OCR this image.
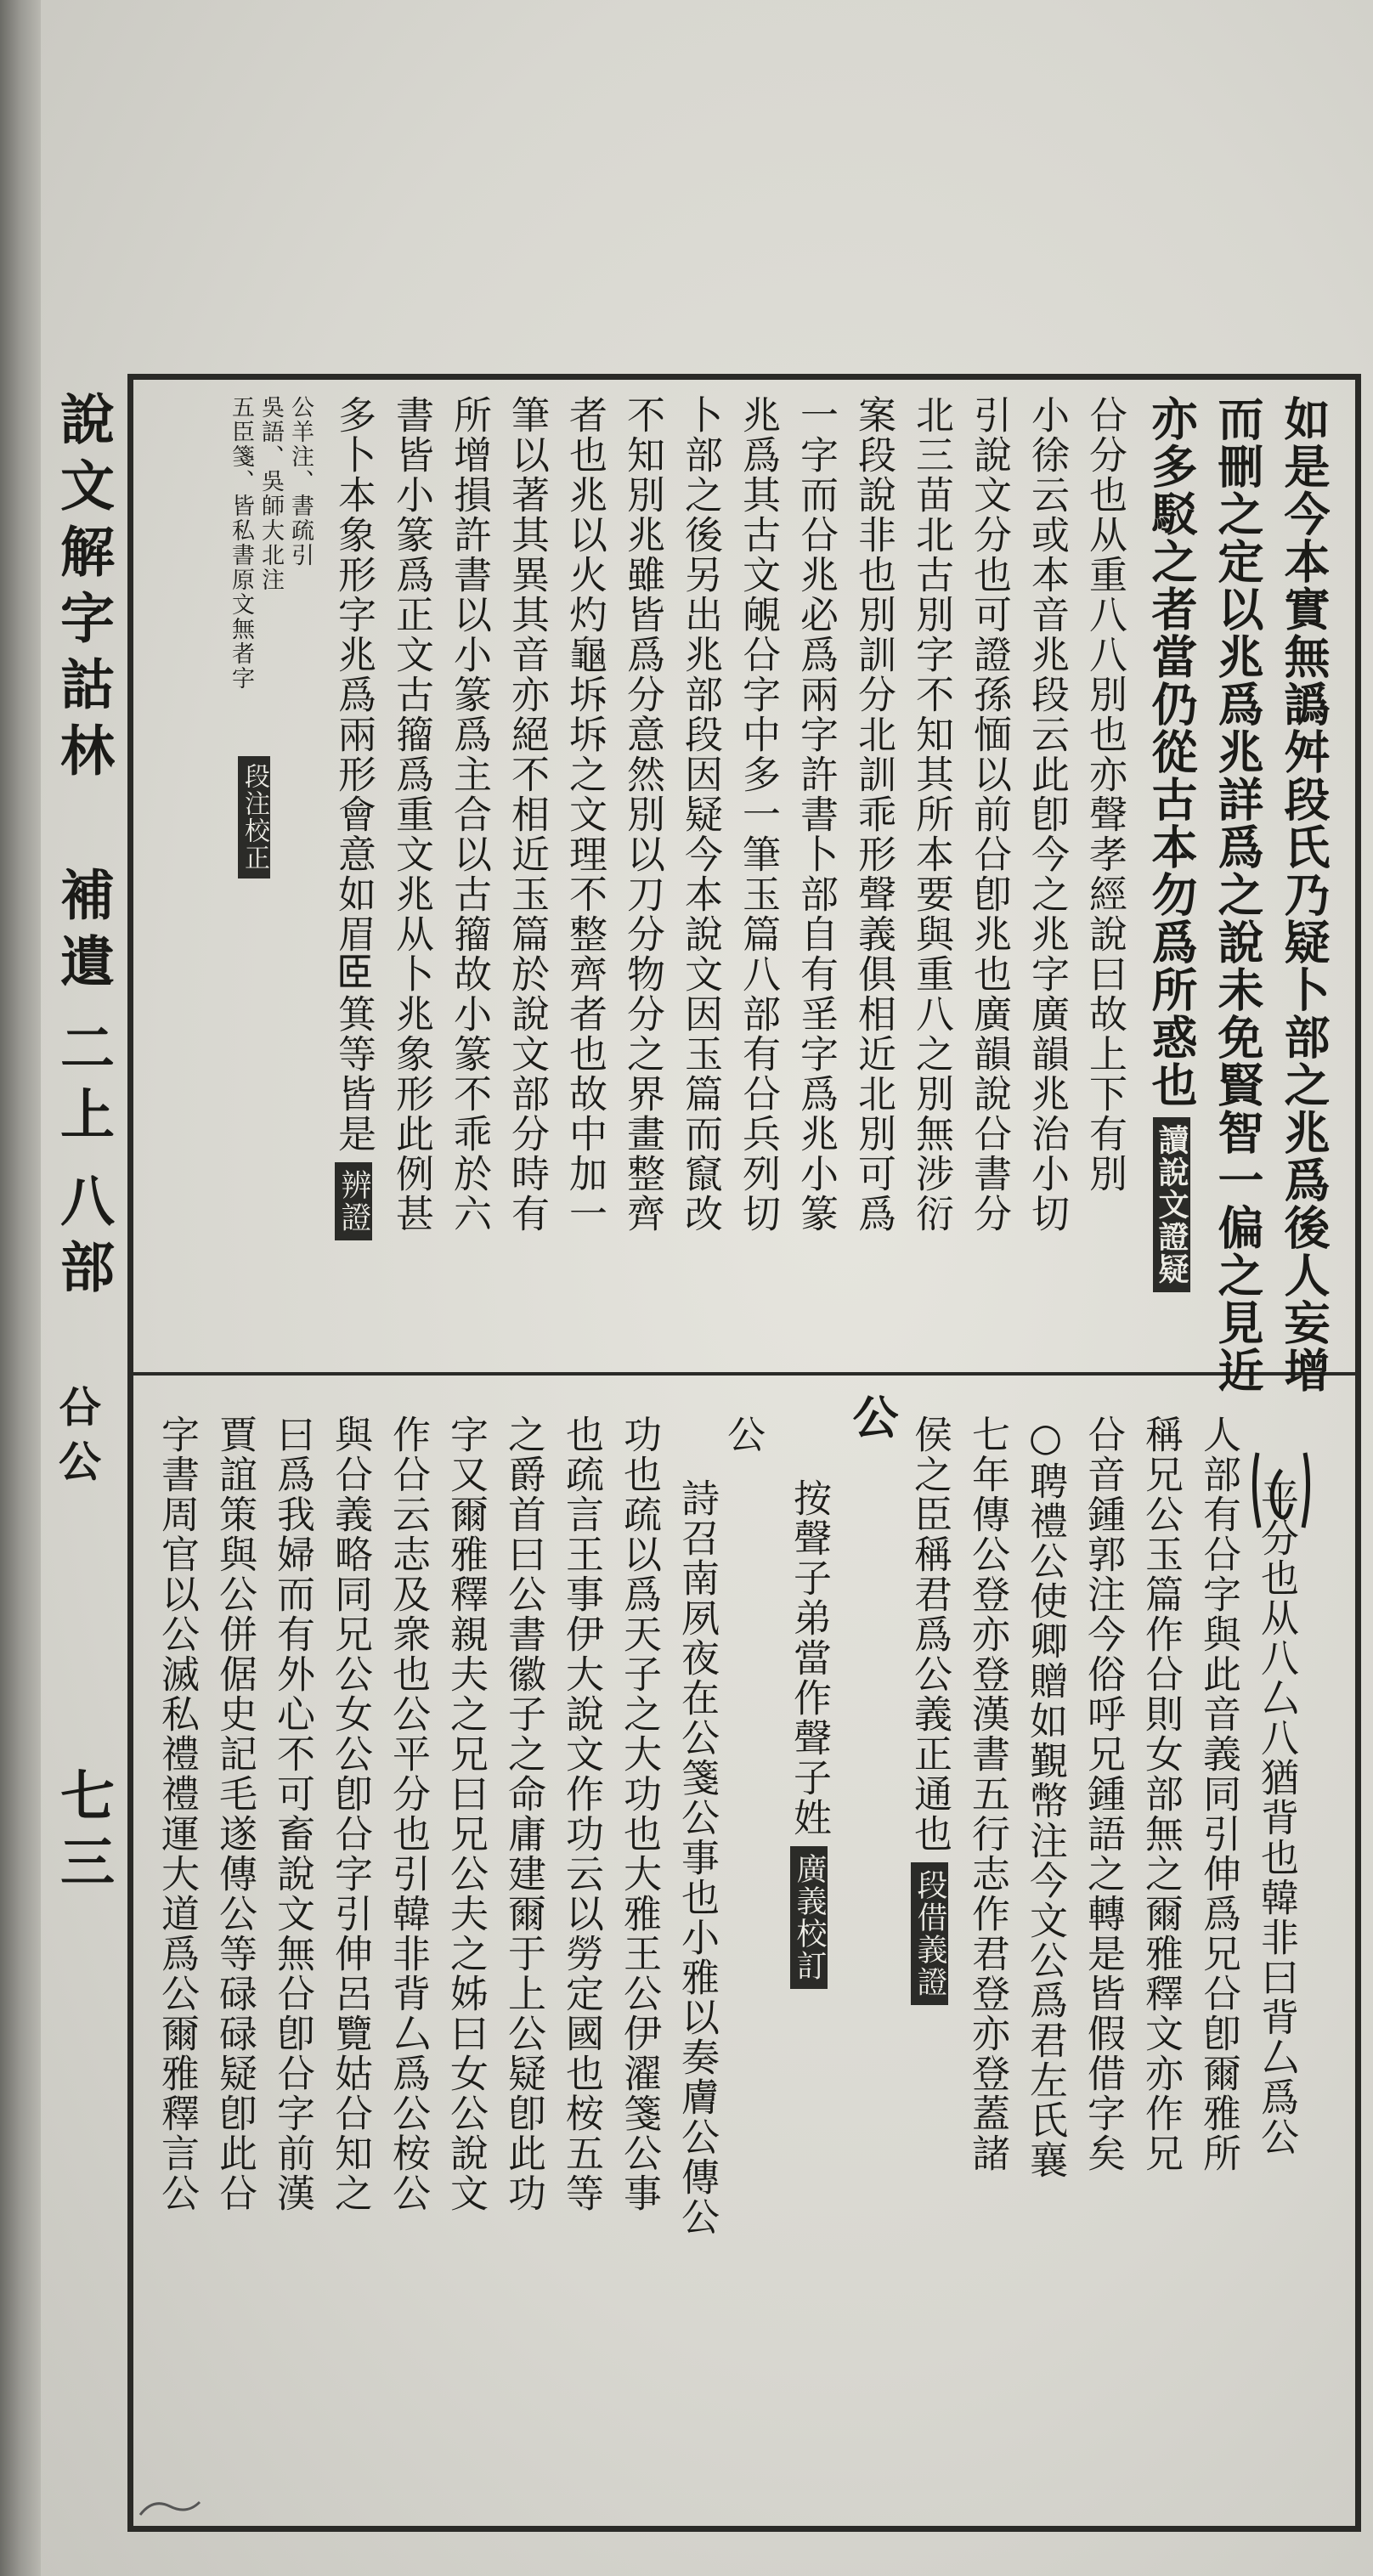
說文解字詁林
補遺
二上
八部
㕣公
七三
如是今本實無譌舛段氏乃疑卜部之兆爲後人妄增
而刪之定以兆爲兆詳爲之說未免賢智一偏之見近
亦多駁之者當仍從古本勿爲所惑也讀說文證疑
㕣分也从重八八別也亦聲孝經說曰故上下有別
小徐云或本音兆段云此卽今之兆字廣韻兆治小切
引說文分也可證孫愐以前㕣卽兆也廣韻說㕣書分
北三苗北古別字不知其所本要與重八之別無涉衍
案段說非也別訓分北訓乖形聲義俱相近北別可爲
一字而㕣兆必爲兩字許書卜部自有㸒字爲兆小篆
兆爲其古文䚁㕣字中多一筆玉篇八部有㕣兵列切
卜部之後另出兆部段因疑今本說文因玉篇而竄改
不知別兆雖皆爲分意然別以刀分物分之界畫整齊
者也兆以火灼龜坼坼之文理不整齊者也故中加一
筆以著其異其音亦絕不相近玉篇於說文部分時有
所增損許書以小篆爲主合以古籀故小篆不乖於六
書皆小篆爲正文古籀爲重文兆从卜兆象形此例甚
多卜本象形字兆爲兩形會意如眉𦣞箕等皆是辨證
公羊注、書疏引
吳語、吳師大北注
五臣箋、皆私書原文無者字
段注校正
平分也从八厶八猶背也韓非曰背厶爲公
人部有㕣字與此音義同引伸爲兄㕣卽爾雅所
稱兄公玉篇作㕣則女部無之爾雅釋文亦作兄
㕣音鍾郭注今俗呼兄鍾語之轉是皆假借字矣
○聘禮公使卿贈如覲幣注今文公爲君左氏襄
七年傳公登亦登漢書五行志作君登亦登蓋諸
侯之臣稱君爲公義正通也段借義證
公
按聲子弟當作聲子姓廣義校訂
公
詩召南夙夜在公箋公事也小雅以奏膚公傳公
功也疏以爲天子之大功也大雅王公伊濯箋公事
也疏言王事伊大說文作功云以勞定國也桉五等
之爵首曰公書徽子之命庸建爾于上公疑卽此功
字又爾雅釋親夫之兄曰兄公夫之姊曰女公說文
作㕣云志及衆也公平分也引韓非背厶爲公桉公
與㕣義略同兄公女公卽㕣字引伸呂覽姑㕣知之
曰爲我婦而有外心不可畜說文無㕣卽㕣字前漢
賈誼策與公併倨史記毛遂傳公等碌碌疑卽此㕣
字書周官以公滅私禮禮運大道爲公爾雅釋言公
